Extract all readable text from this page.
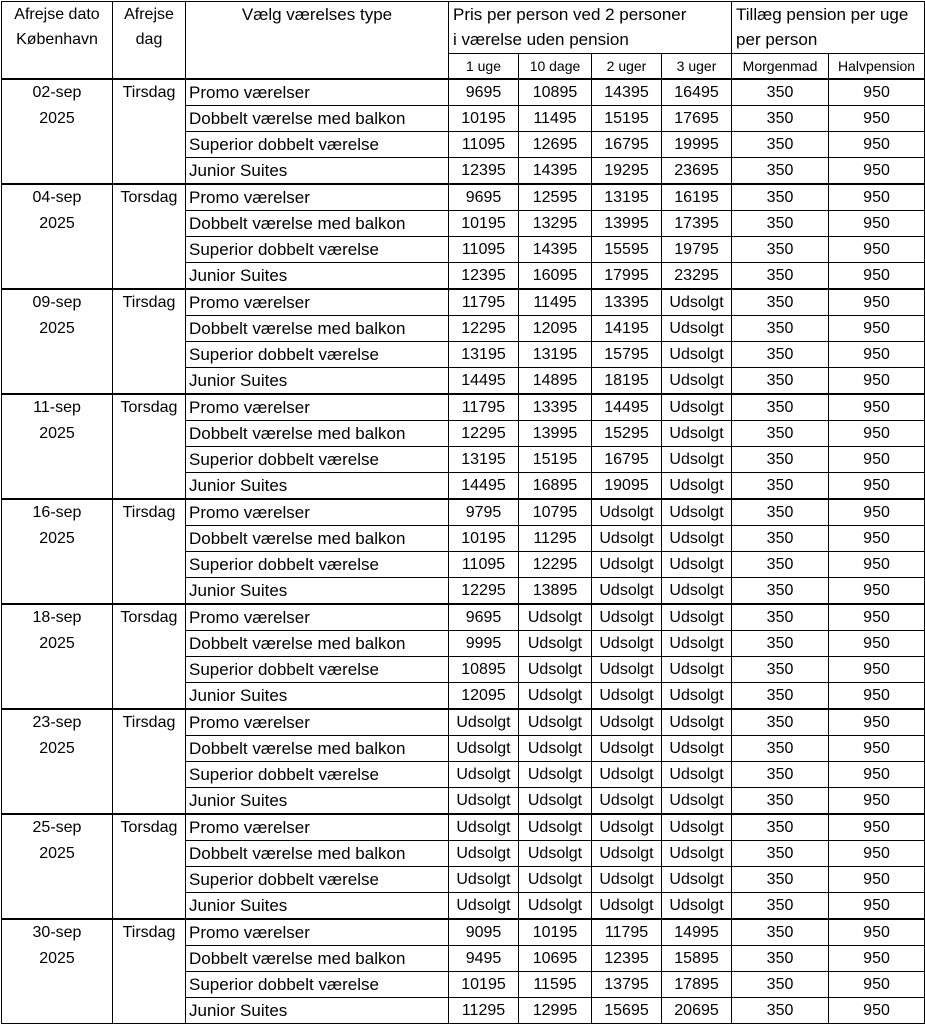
Afrejse dato
København	Afrejse
dag	Vælg værelses type	Pris per person ved 2 personer
i værelse uden pension				Tillæg pension per uge
per person	
			1 uge	10 dage	2 uger	3 uger	Morgenmad	Halvpension
02-sep
2025	Tirsdag	Promo værelser	9695	10895	14395	16495	350	950
		Dobbelt værelse med balkon	10195	11495	15195	17695	350	950
		Superior dobbelt værelse	11095	12695	16795	19995	350	950
		Junior Suites	12395	14395	19295	23695	350	950
04-sep
2025	Torsdag	Promo værelser	9695	12595	13195	16195	350	950
		Dobbelt værelse med balkon	10195	13295	13995	17395	350	950
		Superior dobbelt værelse	11095	14395	15595	19795	350	950
		Junior Suites	12395	16095	17995	23295	350	950
09-sep
2025	Tirsdag	Promo værelser	11795	11495	13395	Udsolgt	350	950
		Dobbelt værelse med balkon	12295	12095	14195	Udsolgt	350	950
		Superior dobbelt værelse	13195	13195	15795	Udsolgt	350	950
		Junior Suites	14495	14895	18195	Udsolgt	350	950
11-sep
2025	Torsdag	Promo værelser	11795	13395	14495	Udsolgt	350	950
		Dobbelt værelse med balkon	12295	13995	15295	Udsolgt	350	950
		Superior dobbelt værelse	13195	15195	16795	Udsolgt	350	950
		Junior Suites	14495	16895	19095	Udsolgt	350	950
16-sep
2025	Tirsdag	Promo værelser	9795	10795	Udsolgt	Udsolgt	350	950
		Dobbelt værelse med balkon	10195	11295	Udsolgt	Udsolgt	350	950
		Superior dobbelt værelse	11095	12295	Udsolgt	Udsolgt	350	950
		Junior Suites	12295	13895	Udsolgt	Udsolgt	350	950
18-sep
2025	Torsdag	Promo værelser	9695	Udsolgt	Udsolgt	Udsolgt	350	950
		Dobbelt værelse med balkon	9995	Udsolgt	Udsolgt	Udsolgt	350	950
		Superior dobbelt værelse	10895	Udsolgt	Udsolgt	Udsolgt	350	950
		Junior Suites	12095	Udsolgt	Udsolgt	Udsolgt	350	950
23-sep
2025	Tirsdag	Promo værelser	Udsolgt	Udsolgt	Udsolgt	Udsolgt	350	950
		Dobbelt værelse med balkon	Udsolgt	Udsolgt	Udsolgt	Udsolgt	350	950
		Superior dobbelt værelse	Udsolgt	Udsolgt	Udsolgt	Udsolgt	350	950
		Junior Suites	Udsolgt	Udsolgt	Udsolgt	Udsolgt	350	950
25-sep
2025	Torsdag	Promo værelser	Udsolgt	Udsolgt	Udsolgt	Udsolgt	350	950
		Dobbelt værelse med balkon	Udsolgt	Udsolgt	Udsolgt	Udsolgt	350	950
		Superior dobbelt værelse	Udsolgt	Udsolgt	Udsolgt	Udsolgt	350	950
		Junior Suites	Udsolgt	Udsolgt	Udsolgt	Udsolgt	350	950
30-sep
2025	Tirsdag	Promo værelser	9095	10195	11795	14995	350	950
		Dobbelt værelse med balkon	9495	10695	12395	15895	350	950
		Superior dobbelt værelse	10195	11595	13795	17895	350	950
		Junior Suites	11295	12995	15695	20695	350	950
